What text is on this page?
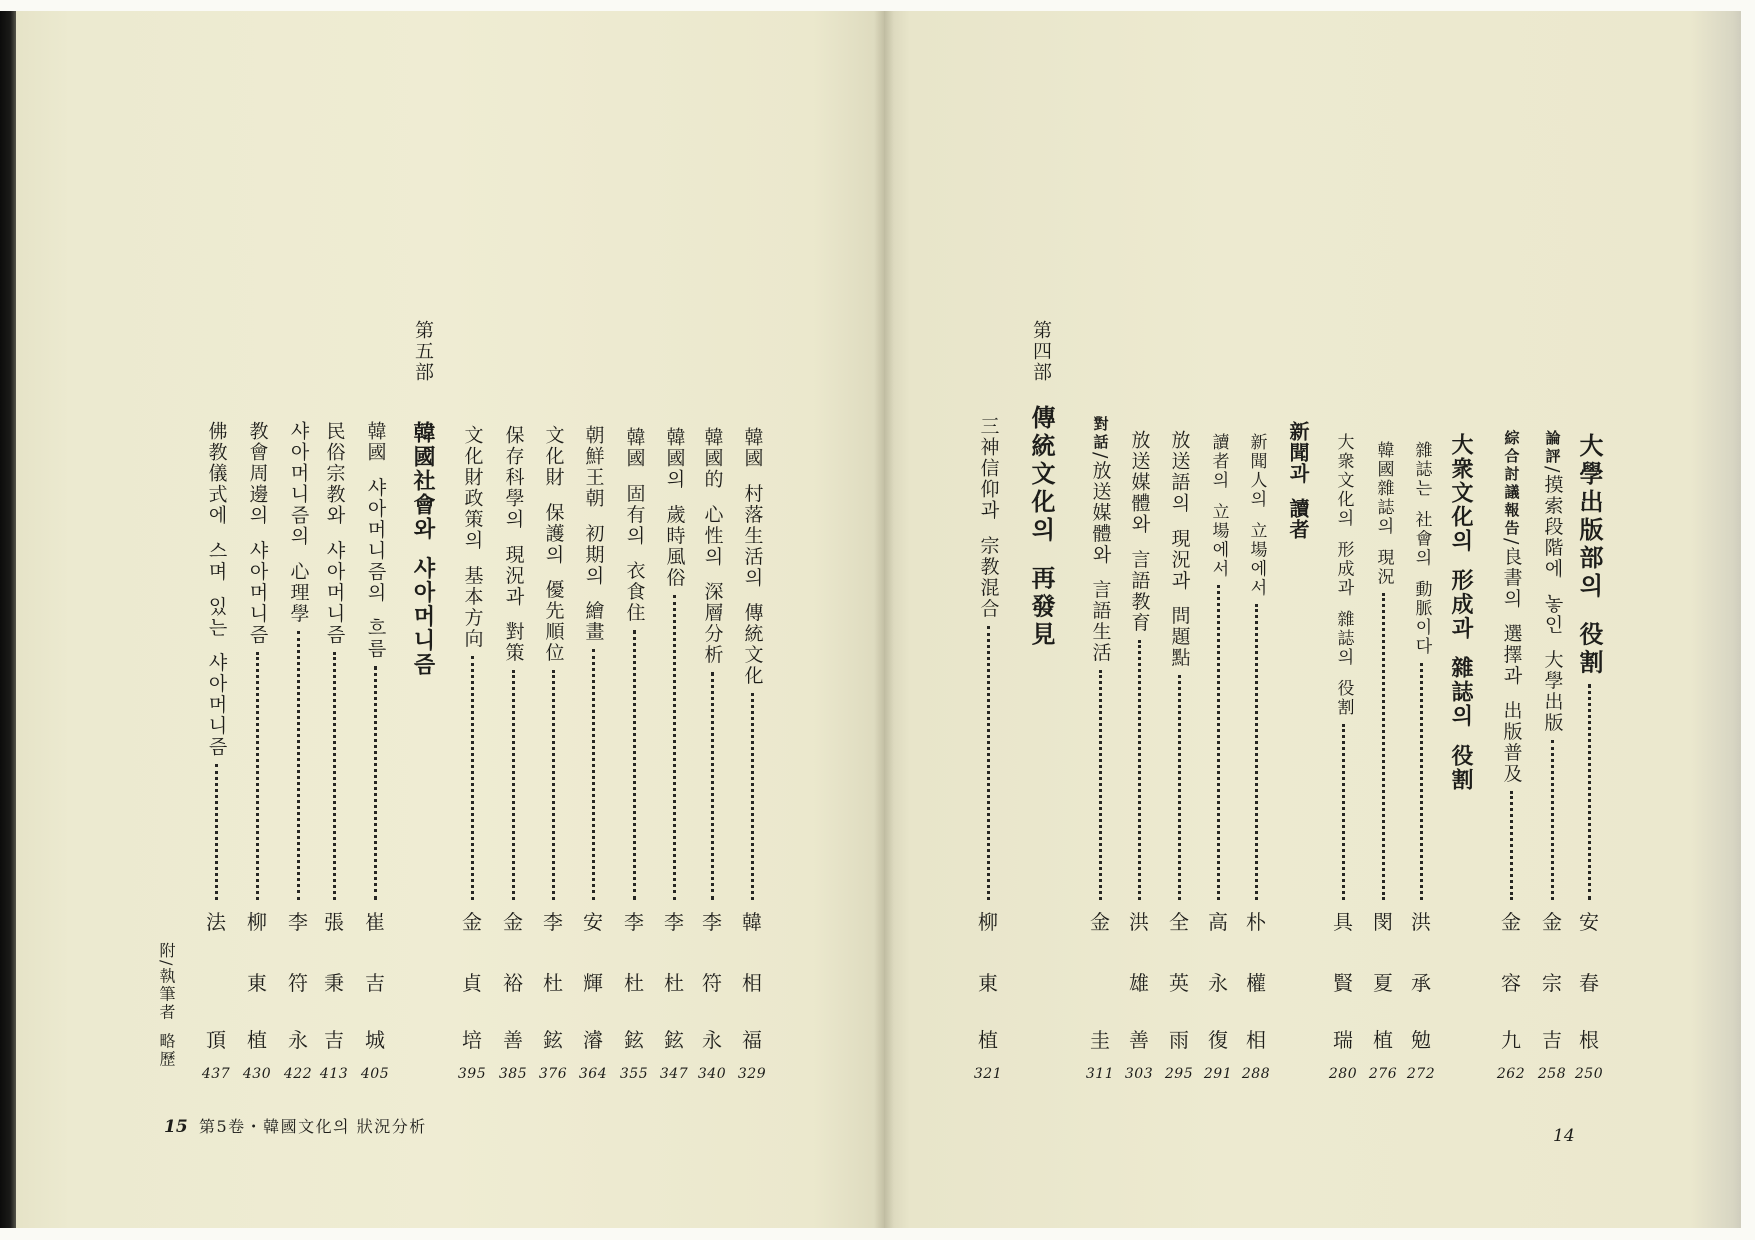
附/執筆者 略歷
15 第5卷・韓國文化의 狀況分析	14
安
春
根
250
大學出版部의 役割
金
宗
吉
258
論評/摸索段階에 놓인 大學出版
金
容
九
262
綜合討議報告/良書의 選擇과 出版普及
大衆文化의 形成과 雜誌의 役割
洪
承
勉
272
雜誌는 社會의 動脈이다
閔
夏
植
276
韓國雜誌의 現況
具
賢
瑞
280
大衆文化의 形成과 雜誌의 役割
新聞과 讀者
朴
權
相
288
新聞人의 立場에서
高
永
復
291
讀者의 立場에서
全
英
雨
295
放送語의 現況과 問題點
洪
雄
善
303
放送媒體와 言語教育
金
圭
311
對話/放送媒體와 言語生活
第四部
傳統文化의 再發見
柳
東
植
321
三神信仰과 宗教混合
韓
相
福
329
韓國 村落生活의 傳統文化
李
符
永
340
韓國的 心性의 深層分析
李
杜
鉉
347
韓國의 歲時風俗
李
杜
鉉
355
韓國 固有의 衣食住
安
輝
濬
364
朝鮮王朝 初期의 繪畫
李
杜
鉉
376
文化財 保護의 優先順位
金
裕
善
385
保存科學의 現況과 對策
金
貞
培
395
文化財政策의 基本方向
第五部
韓國社會와 샤아머니즘
崔
吉
城
405
韓國 샤아머니즘의 흐름
張
秉
吉
413
民俗宗教와 샤아머니즘
李
符
永
422
샤아머니즘의 心理學
柳
東
植
430
教會周邊의 샤아머니즘
法
頂
437
佛教儀式에 스며 있는 샤아머니즘
